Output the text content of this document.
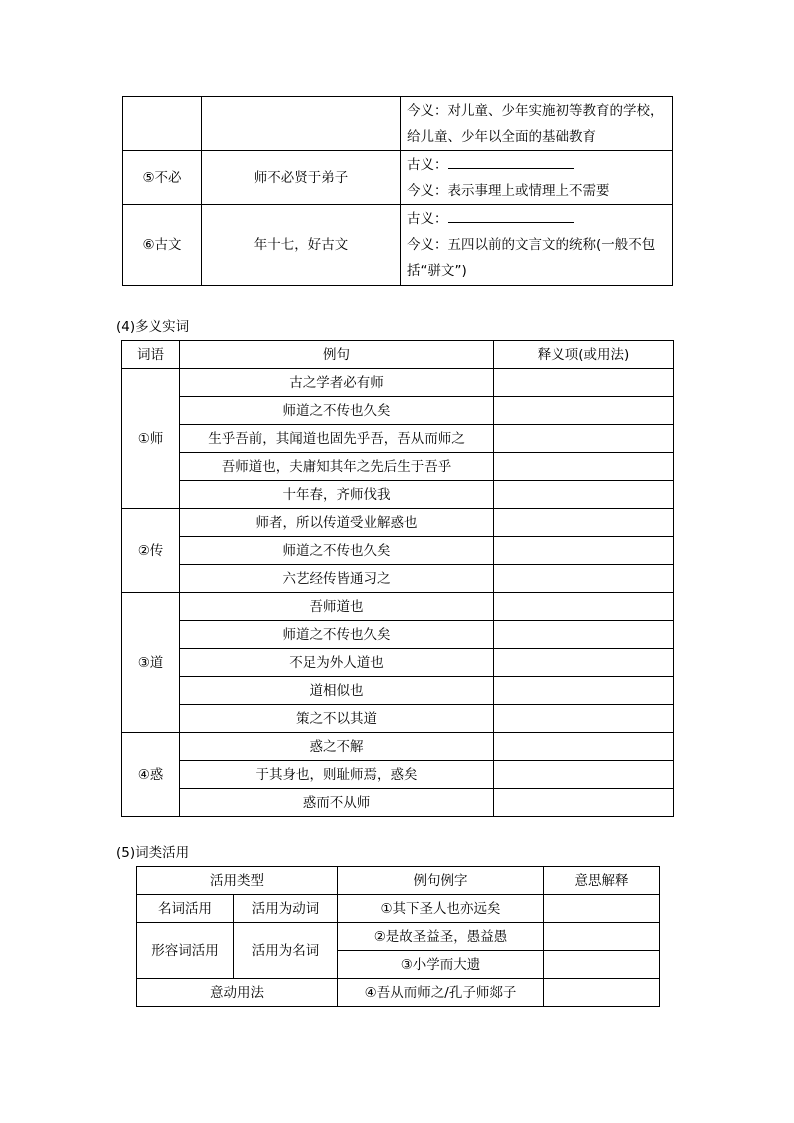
		今义：对儿童、少年实施初等教育的学校，给儿童、少年以全面的基础教育
⑤不必	师不必贤于弟子	古义：
今义：表示事理上或情理上不需要

⑥古文	年十七，好古文	古义：
今义：五四以前的文言文的统称(一般不包括“骈文”)
(4)多义实词
词语	例句	释义项(或用法)
①师	古之学者必有师	
	师道之不传也久矣	
	生乎吾前，其闻道也固先乎吾，吾从而师之	
	吾师道也，夫庸知其年之先后生于吾乎	
	十年春，齐师伐我	
②传	师者，所以传道受业解惑也	
	师道之不传也久矣	
	六艺经传皆通习之	
③道	吾师道也	
	师道之不传也久矣	
	不足为外人道也	
	道相似也	
	策之不以其道	
④惑	惑之不解	
	于其身也，则耻师焉，惑矣	
	惑而不从师	
(5)词类活用
活用类型		例句例字	意思解释
名词活用	活用为动词	①其下圣人也亦远矣	
形容词活用	活用为名词	②是故圣益圣，愚益愚	
		③小学而大遗	
意动用法		④吾从而师之/孔子师郯子	
